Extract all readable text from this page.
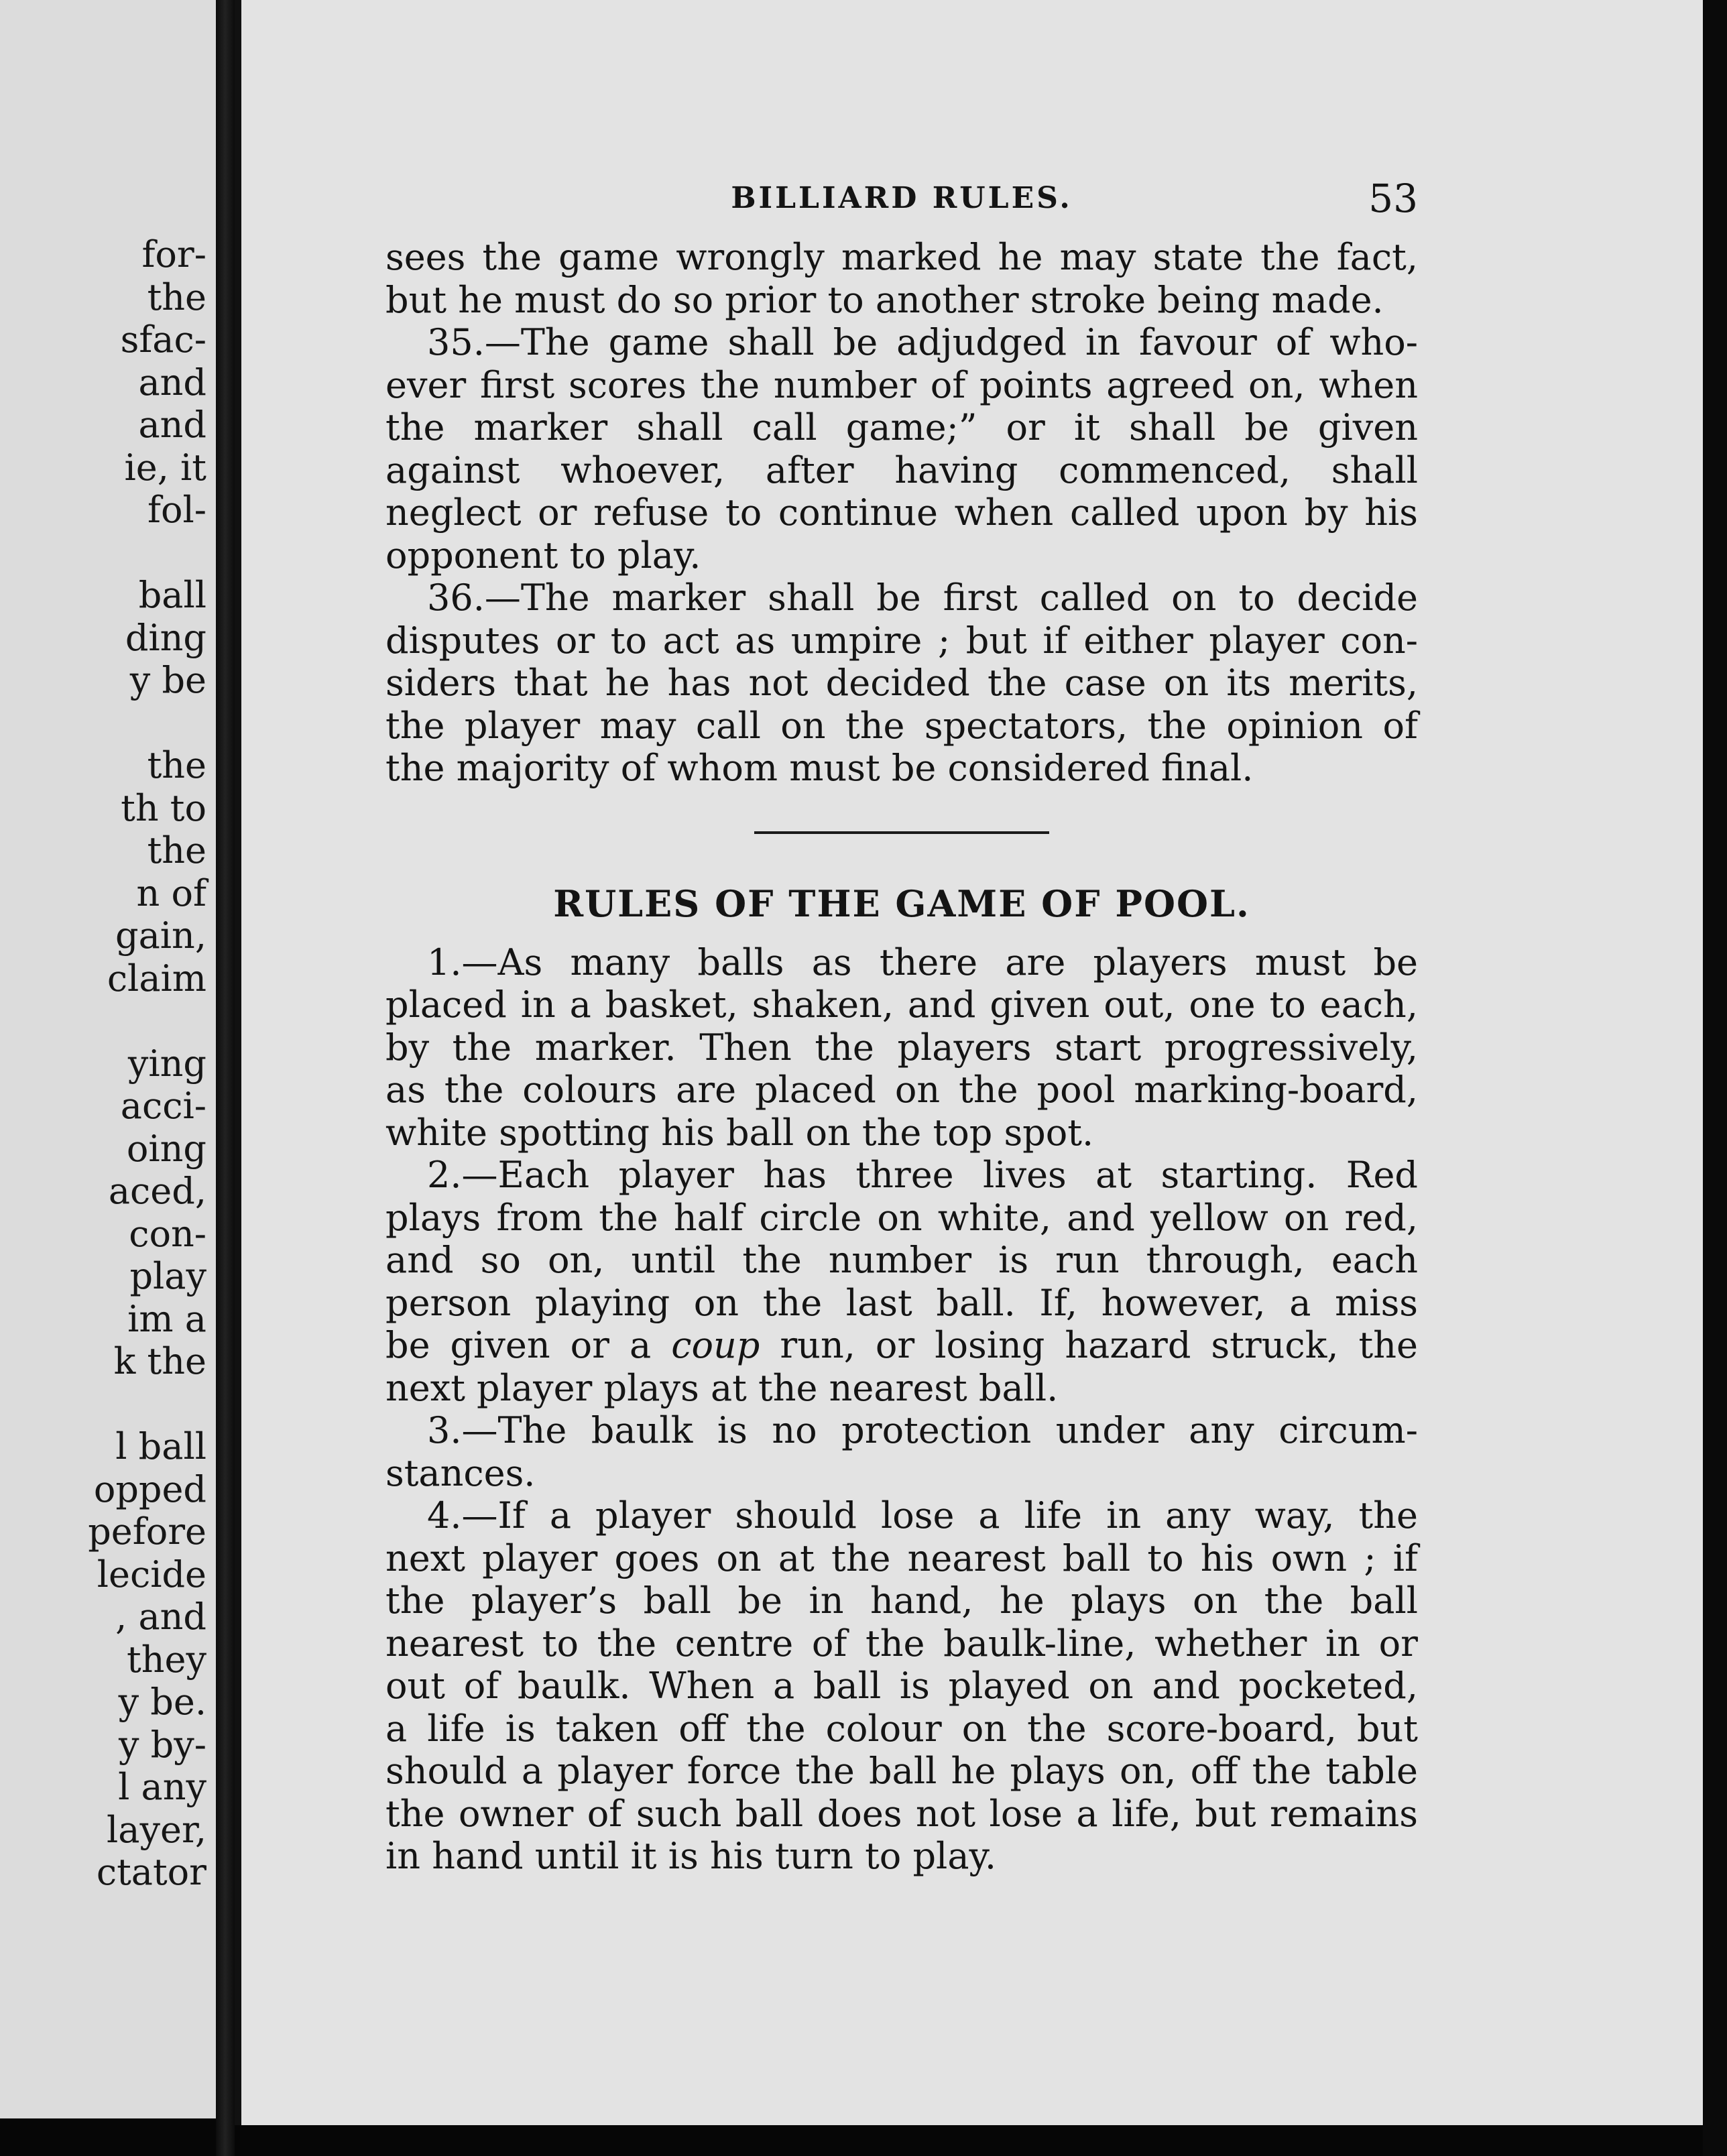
for-
the
sfac-
and
and
ie, it
fol-
ball
ding
y be
the
th to
the
n of
gain,
claim
ying
acci-
oing
aced,
con-
play
im a
k the
l ball
opped
pefore
lecide
, and
they
y be.
y by-
l any
layer,
ctator
BILLIARD RULES.	53
sees the game wrongly marked he may state the fact,
but he must do so prior to another stroke being made.
35.—The game shall be adjudged in favour of who-
ever first scores the number of points agreed on, when
the marker shall call game;” or it shall be given
against whoever, after having commenced, shall
neglect or refuse to continue when called upon by his
opponent to play.
36.—The marker shall be first called on to decide
disputes or to act as umpire ; but if either player con-
siders that he has not decided the case on its merits,
the player may call on the spectators, the opinion of
the majority of whom must be considered final.
RULES OF THE GAME OF POOL.
1.—As many balls as there are players must be
placed in a basket, shaken, and given out, one to each,
by the marker. Then the players start progressively,
as the colours are placed on the pool marking-board,
white spotting his ball on the top spot.
2.—Each player has three lives at starting. Red
plays from the half circle on white, and yellow on red,
and so on, until the number is run through, each
person playing on the last ball. If, however, a miss
be given or a coup run, or losing hazard struck, the
next player plays at the nearest ball.
3.—The baulk is no protection under any circum-
stances.
4.—If a player should lose a life in any way, the
next player goes on at the nearest ball to his own ; if
the player’s ball be in hand, he plays on the ball
nearest to the centre of the baulk-line, whether in or
out of baulk. When a ball is played on and pocketed,
a life is taken off the colour on the score-board, but
should a player force the ball he plays on, off the table
the owner of such ball does not lose a life, but remains
in hand until it is his turn to play.
